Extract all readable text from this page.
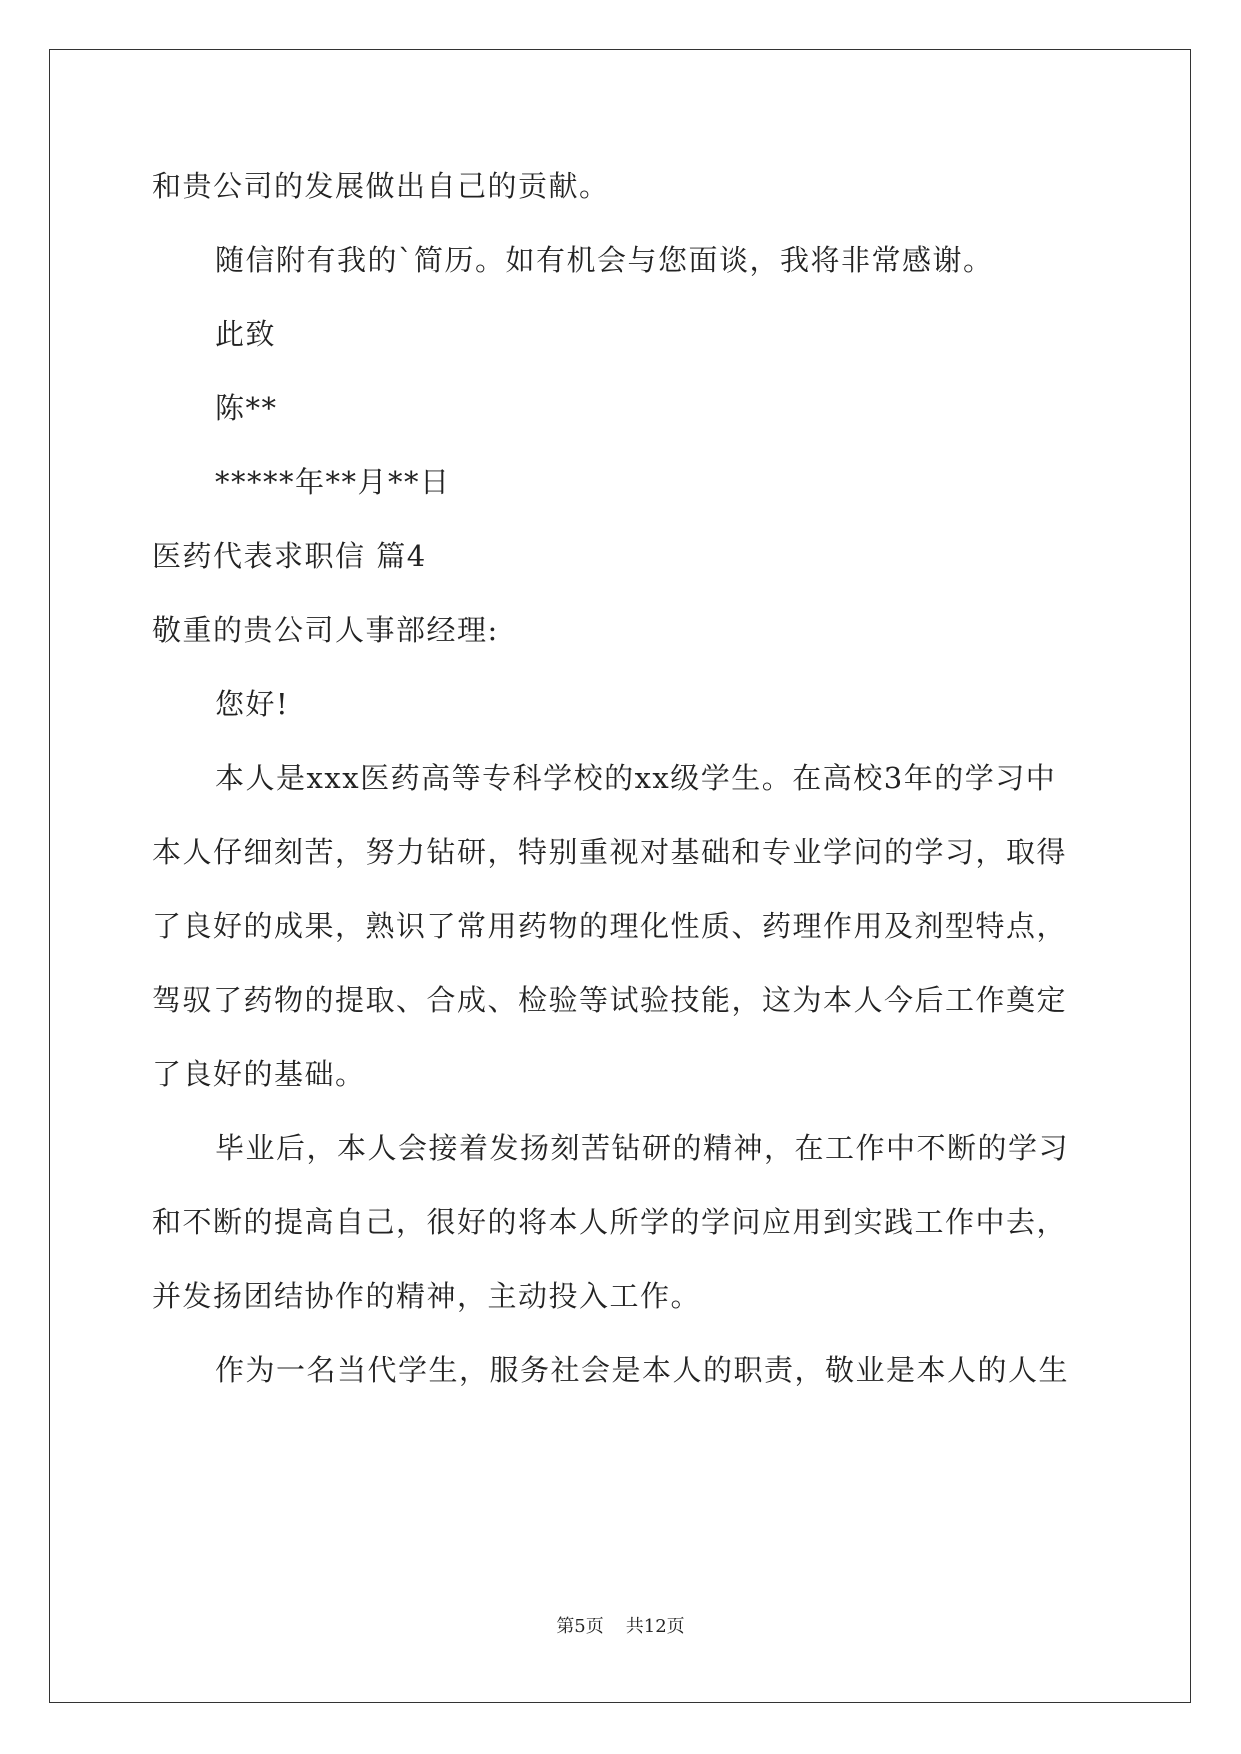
和贵公司的发展做出自己的贡献。
随信附有我的`简历。如有机会与您面谈，我将非常感谢。
此致
陈**
*****年**月**日
医药代表求职信 篇4
敬重的贵公司人事部经理:
您好!
本人是xxx医药高等专科学校的xx级学生。在高校3年的学习中
本人仔细刻苦，努力钻研，特别重视对基础和专业学问的学习，取得
了良好的成果，熟识了常用药物的理化性质、药理作用及剂型特点，
驾驭了药物的提取、合成、检验等试验技能，这为本人今后工作奠定
了良好的基础。
毕业后，本人会接着发扬刻苦钻研的精神，在工作中不断的学习
和不断的提高自己，很好的将本人所学的学问应用到实践工作中去，
并发扬团结协作的精神，主动投入工作。
作为一名当代学生，服务社会是本人的职责，敬业是本人的人生
第5页 共12页
